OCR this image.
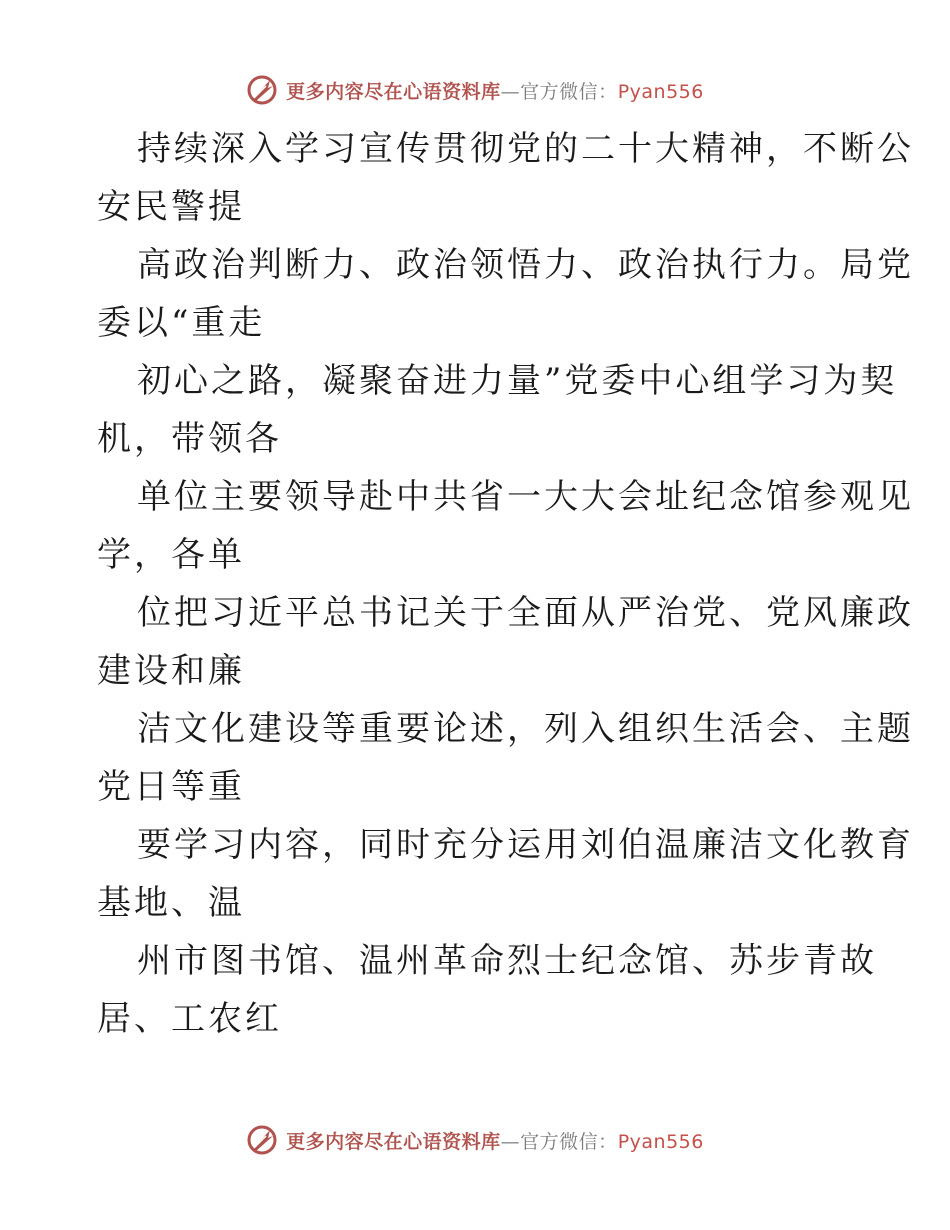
更多内容尽在心语资料库—官方微信：Pyan556

持续深入学习宣传贯彻党的二十大精神，不断公
安民警提

高政治判断力、政治领悟力、政治执行力。局党
委以“重走

初心之路，凝聚奋进力量”党委中心组学习为契
机，带领各

单位主要领导赴中共省一大大会址纪念馆参观见
学，各单

位把习近平总书记关于全面从严治党、党风廉政
建设和廉

洁文化建设等重要论述，列入组织生活会、主题
党日等重

要学习内容，同时充分运用刘伯温廉洁文化教育
基地、温

州市图书馆、温州革命烈士纪念馆、苏步青故
居、工农红

更多内容尽在心语资料库—官方微信：Pyan556
